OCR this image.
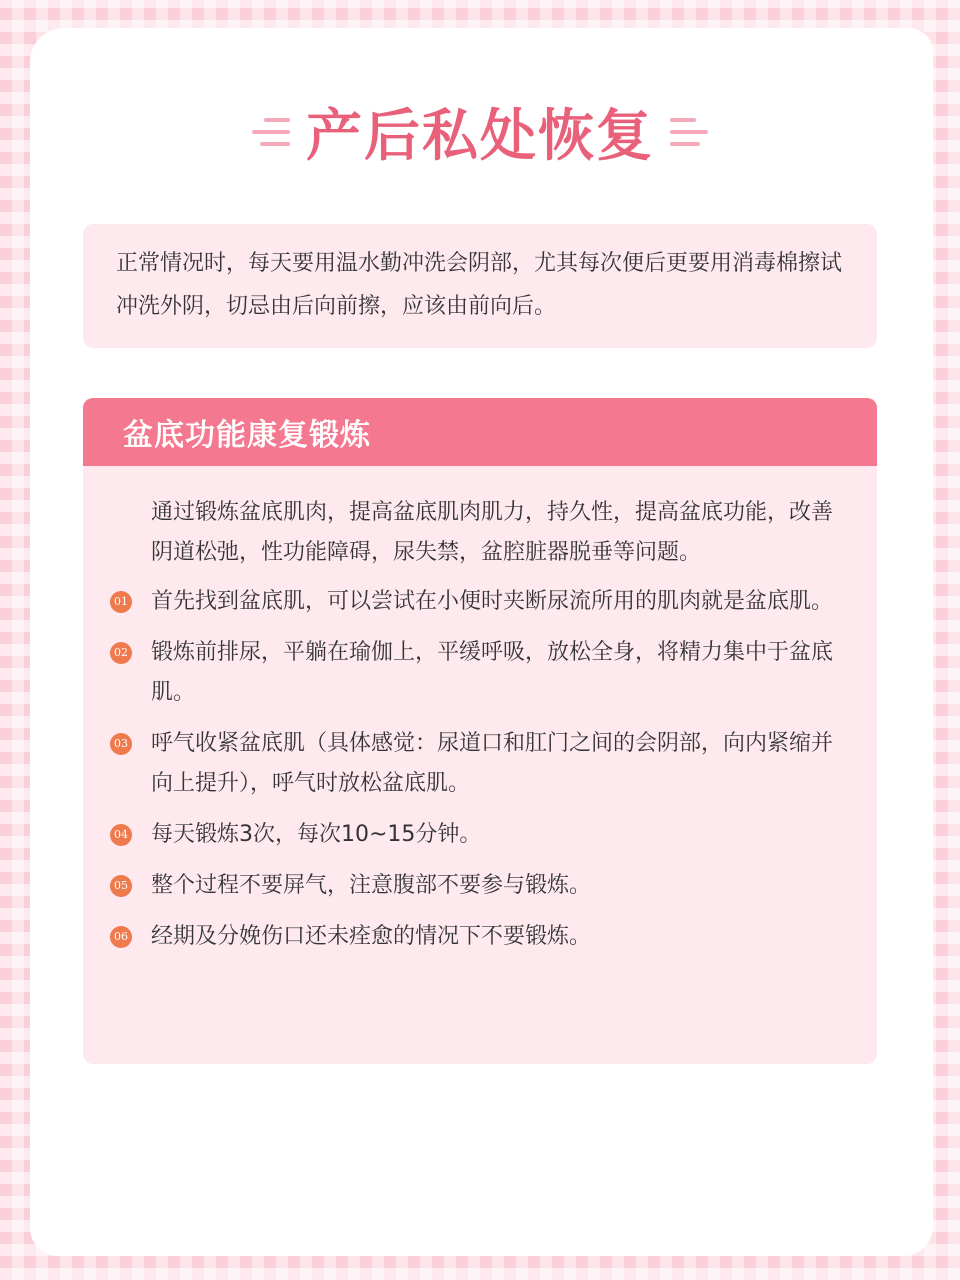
产后私处恢复

正常情况时，每天要用温水勤冲洗会阴部，尤其每次便后更要用消毒棉擦试冲洗外阴，切忌由后向前擦，应该由前向后。

盆底功能康复锻炼

通过锻炼盆底肌肉，提高盆底肌肉肌力，持久性，提高盆底功能，改善阴道松弛，性功能障碍，尿失禁，盆腔脏器脱垂等问题。

01 首先找到盆底肌，可以尝试在小便时夹断尿流所用的肌肉就是盆底肌。
02 锻炼前排尿，平躺在瑜伽上，平缓呼吸，放松全身，将精力集中于盆底肌。
03 呼气收紧盆底肌（具体感觉：尿道口和肛门之间的会阴部，向内紧缩并向上提升），呼气时放松盆底肌。
04 每天锻炼3次，每次10~15分钟。
05 整个过程不要屏气，注意腹部不要参与锻炼。
06 经期及分娩伤口还未痊愈的情况下不要锻炼。
